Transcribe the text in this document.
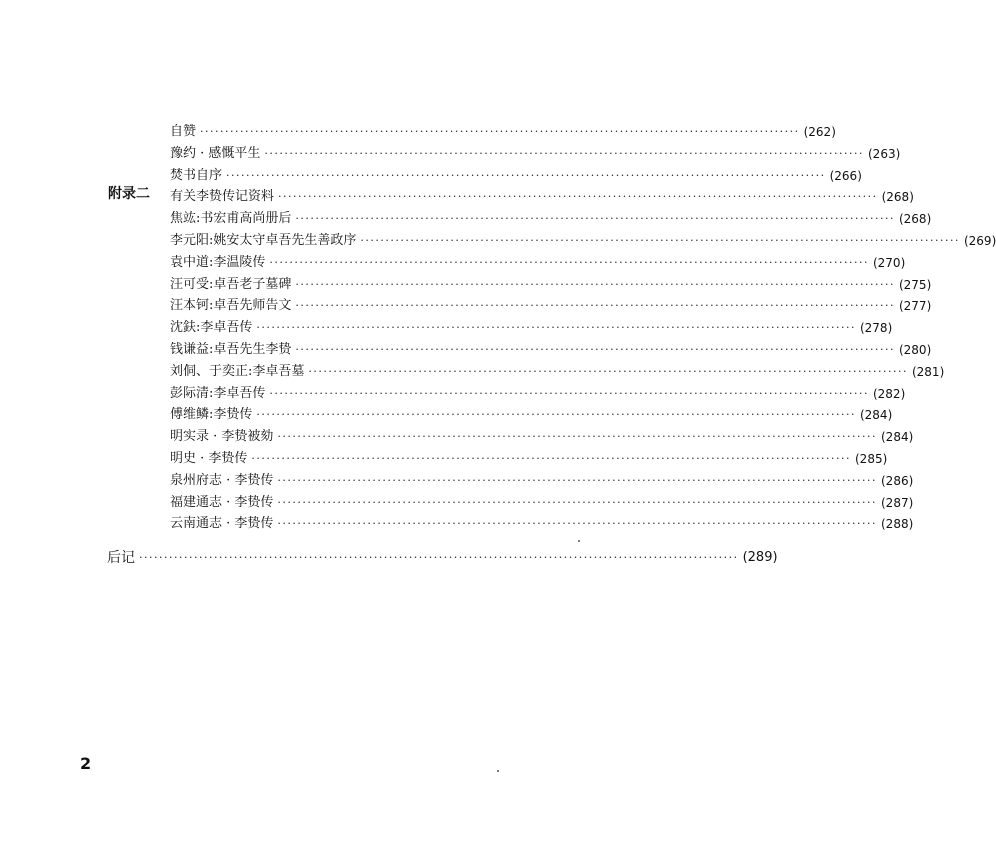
自赞 ························································································································ (262)
豫约 · 感慨平生 ························································································································ (263)
焚书自序 ························································································································ (266)
有关李贽传记资料 ························································································································ (268)
焦竑:书宏甫高尚册后 ························································································································ (268)
李元阳:姚安太守卓吾先生善政序 ························································································································ (269)
袁中道:李温陵传 ························································································································ (270)
汪可受:卓吾老子墓碑 ························································································································ (275)
汪本钶:卓吾先师告文 ························································································································ (277)
沈鈇:李卓吾传 ························································································································ (278)
钱谦益:卓吾先生李贽 ························································································································ (280)
刘侗、于奕正:李卓吾墓 ························································································································ (281)
彭际清:李卓吾传 ························································································································ (282)
傅维鳞:李贽传 ························································································································ (284)
明实录 · 李贽被劾 ························································································································ (284)
明史 · 李贽传 ························································································································ (285)
泉州府志 · 李贽传 ························································································································ (286)
福建通志 · 李贽传 ························································································································ (287)
云南通志 · 李贽传 ························································································································ (288)
后记 ························································································································ (289)
附录二
2
